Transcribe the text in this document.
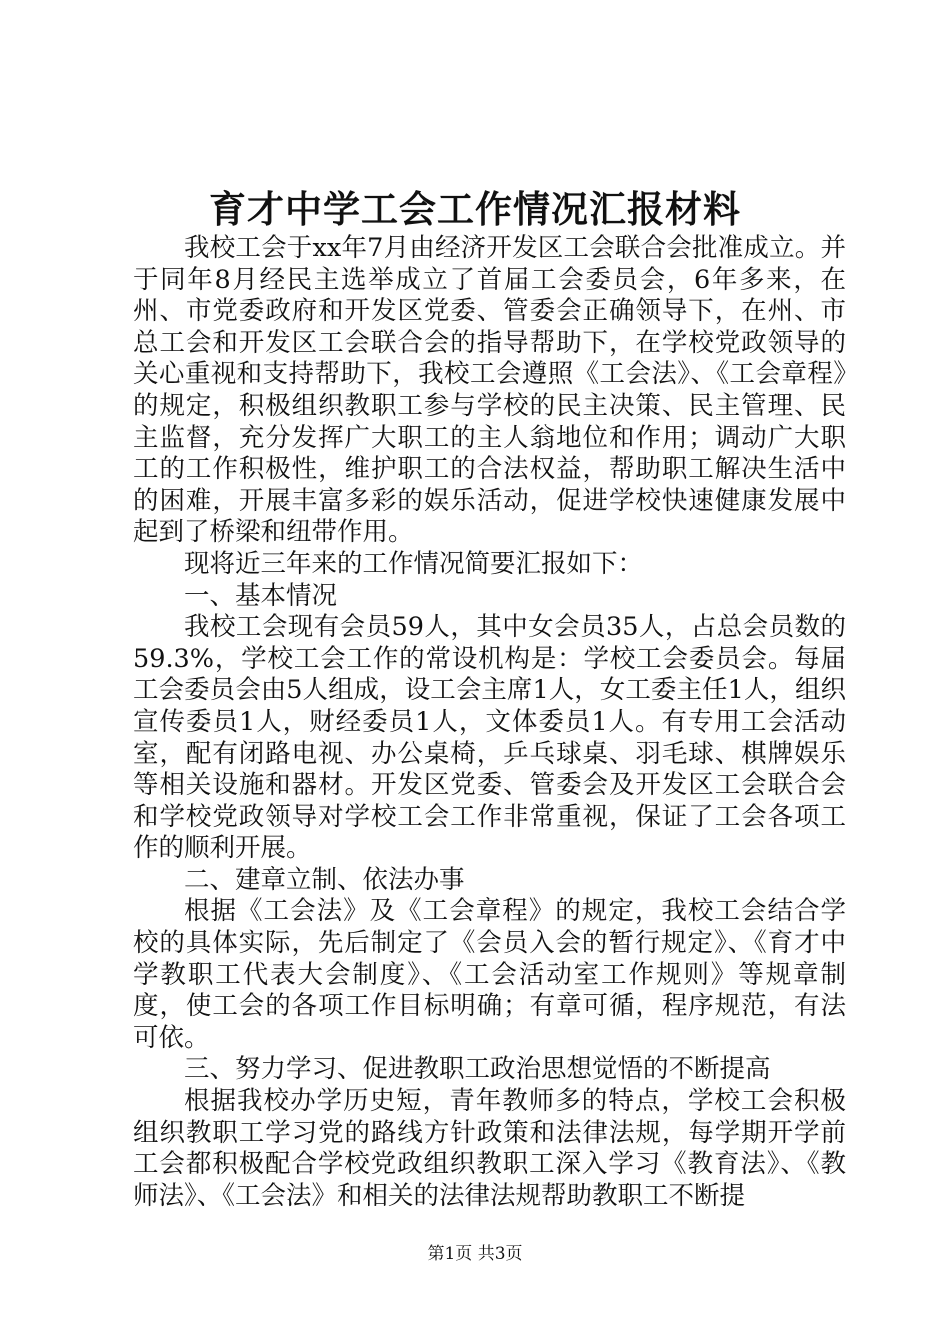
育才中学工会工作情况汇报材料

我校工会于xx年7月由经济开发区工会联合会批准成立。并于同年8月经民主选举成立了首届工会委员会，6年多来，在州、市党委政府和开发区党委、管委会正确领导下，在州、市总工会和开发区工会联合会的指导帮助下，在学校党政领导的关心重视和支持帮助下，我校工会遵照《工会法》、《工会章程》的规定，积极组织教职工参与学校的民主决策、民主管理、民主监督，充分发挥广大职工的主人翁地位和作用；调动广大职工的工作积极性，维护职工的合法权益，帮助职工解决生活中的困难，开展丰富多彩的娱乐活动，促进学校快速健康发展中起到了桥梁和纽带作用。

现将近三年来的工作情况简要汇报如下：

一、基本情况

我校工会现有会员59人，其中女会员35人，占总会员数的59.3%，学校工会工作的常设机构是：学校工会委员会。每届工会委员会由5人组成，设工会主席1人，女工委主任1人，组织宣传委员1人，财经委员1人，文体委员1人。有专用工会活动室，配有闭路电视、办公桌椅，乒乓球桌、羽毛球、棋牌娱乐等相关设施和器材。开发区党委、管委会及开发区工会联合会和学校党政领导对学校工会工作非常重视，保证了工会各项工作的顺利开展。

二、建章立制、依法办事

根据《工会法》及《工会章程》的规定，我校工会结合学校的具体实际，先后制定了《会员入会的暂行规定》、《育才中学教职工代表大会制度》、《工会活动室工作规则》等规章制度，使工会的各项工作目标明确；有章可循，程序规范，有法可依。

三、努力学习、促进教职工政治思想觉悟的不断提高

根据我校办学历史短，青年教师多的特点，学校工会积极组织教职工学习党的路线方针政策和法律法规，每学期开学前工会都积极配合学校党政组织教职工深入学习《教育法》、《教师法》、《工会法》和相关的法律法规帮助教职工不断提

第1页 共3页
